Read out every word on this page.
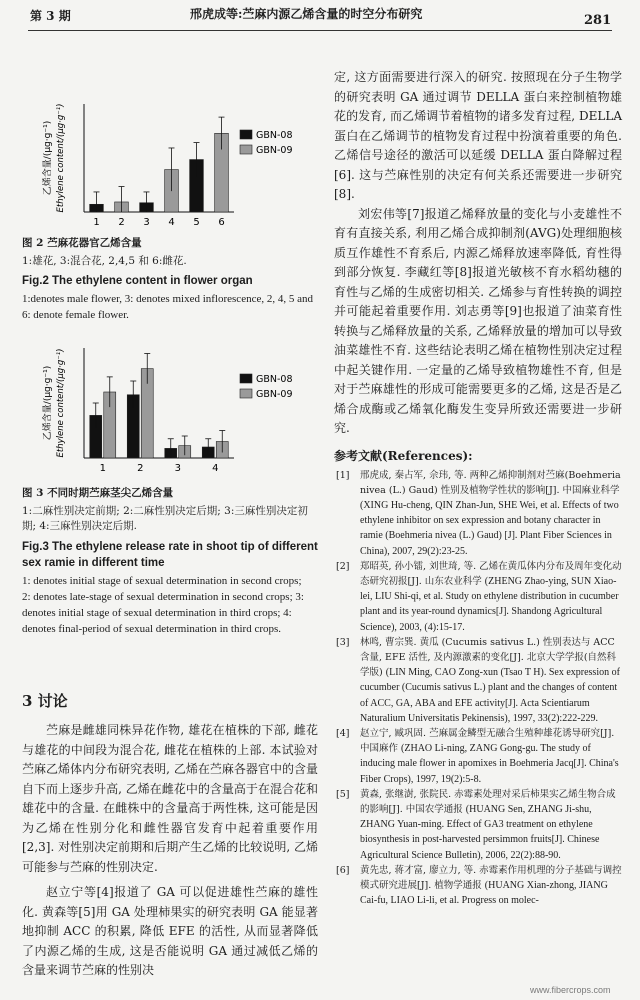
第 3 期	邢虎成等:苎麻内源乙烯含量的时空分布研究	281
乙烯含量/(μg·g⁻¹) Ethylene content/(μg·g⁻¹)
1 2 3 4 5 6
GBN-08
GBN-09
图 2 苎麻花器官乙烯含量
1:雄花, 3:混合花, 2,4,5 和 6:雌花.
Fig.2 The ethylene content in flower organ
1:denotes male flower, 3: denotes mixed inflorescence, 2, 4, 5 and 6: denote female flower.
乙烯含量/(μg·g⁻¹) Ethylene content/(μg·g⁻¹)
1	2	3	4
GBN-08
GBN-09
图 3 不同时期苎麻茎尖乙烯含量
1:二麻性别决定前期; 2:二麻性别决定后期; 3:三麻性别决定初期; 4:三麻性别决定后期.
Fig.3 The ethylene release rate in shoot tip of different sex ramie in different time
1: denotes initial stage of sexual determination in second crops;
2: denotes late-stage of sexual determination in second crops; 3:
denotes initial stage of sexual determination in third crops; 4:
denotes final-period of sexual determination in third crops.
3 讨论
苎麻是雌雄同株异花作物, 雄花在植株的下部, 雌花与雄花的中间段为混合花, 雌花在植株的上部. 本试验对苎麻乙烯体内分布研究表明, 乙烯在苎麻各器官中的含量自下而上逐步升高, 乙烯在雌花中的含量高于在混合花和雄花中的含量. 在雌株中的含量高于两性株, 这可能是因为乙烯在性别分化和雌性器官发育中起着重要作用[2,3]. 对性别决定前期和后期产生乙烯的比较说明, 乙烯可能参与苎麻的性别决定.
赵立宁等[4]报道了 GA 可以促进雄性苎麻的雄性化. 黄森等[5]用 GA 处理柿果实的研究表明 GA 能显著地抑制 ACC 的积累, 降低 EFE 的活性, 从而显著降低了内源乙烯的生成, 这是否能说明 GA 通过减低乙烯的含量来调节苎麻的性别决
定, 这方面需要进行深入的研究. 按照现在分子生物学的研究表明 GA 通过调节 DELLA 蛋白来控制植物雄花的发育, 而乙烯调节着植物的诸多发育过程, DELLA 蛋白在乙烯调节的植物发育过程中扮演着重要的角色. 乙烯信号途径的激活可以延缓 DELLA 蛋白降解过程[6]. 这与苎麻性别的决定有何关系还需要进一步研究[8].
刘宏伟等[7]报道乙烯释放量的变化与小麦雄性不育有直接关系, 利用乙烯合成抑制剂(AVG)处理细胞核质互作雄性不育系后, 内源乙烯释放速率降低, 育性得到部分恢复. 李藏红等[8]报道光敏核不育水稻幼穗的育性与乙烯的生成密切相关. 乙烯参与育性转换的调控并可能起着重要作用. 刘志勇等[9]也报道了油菜育性转换与乙烯释放量的关系, 乙烯释放量的增加可以导致油菜雄性不育. 这些结论表明乙烯在植物性别决定过程中起关键作用. 一定量的乙烯导致植物雄性不育, 但是对于苎麻雄性的形成可能需要更多的乙烯, 这是否是乙烯合成酶或乙烯氧化酶发生变异所致还需要进一步研究.
参考文献(References):
[1] 邢虎成, 秦占军, 佘玮, 等. 两种乙烯抑制剂对苎麻(Boehmeria nivea (L.) Gaud) 性别及植物学性状的影响[J]. 中国麻业科学 (XING Hu-cheng, QIN Zhan-Jun, SHE Wei, et al. Effects of two ethylene inhibitor on sex expression and botany character in ramie (Boehmeria nivea (L.) Gaud) [J]. Plant Fiber Sciences in China), 2007, 29(2):23-25.
[2] 郑昭英, 孙小镭, 刘世琦, 等. 乙烯在黄瓜体内分布及周年变化动态研究初报[J]. 山东农业科学 (ZHENG Zhao-ying, SUN Xiao-lei, LIU Shi-qi, et al. Study on ethylene distribution in cucumber plant and its year-round dynamics[J]. Shandong Agricultural Science), 2003, (4):15-17.
[3] 林鸣, 曹宗巽. 黄瓜 (Cucumis sativus L.) 性别表达与 ACC 含量, EFE 活性, 及内源激素的变化[J]. 北京大学学报(自然科学版) (LIN Ming, CAO Zong-xun (Tsao T H). Sex expression of cucumber (Cucumis sativus L.) plant and the changes of content of ACC, GA, ABA and EFE activity[J]. Acta Scientiarum Naturalium Universitatis Pekinensis), 1997, 33(2):222-229.
[4] 赵立宁, 臧巩固. 苎麻属金鳞型无融合生殖种雄花诱导研究[J]. 中国麻作 (ZHAO Li-ning, ZANG Gong-gu. The study of inducing male flower in apomixes in Boehmeria Jacq[J]. China's Fiber Crops), 1997, 19(2):5-8.
[5] 黄森, 张继澍, 张院民. 赤霉素处理对采后柿果实乙烯生物合成的影响[J]. 中国农学通报 (HUANG Sen, ZHANG Ji-shu, ZHANG Yuan-ming. Effect of GA3 treatment on ethylene biosynthesis in post-harvested persimmon fruits[J]. Chinese Agricultural Science Bulletin), 2006, 22(2):88-90.
[6] 黄先忠, 蒋才富, 廖立力, 等. 赤霉素作用机理的分子基础与调控模式研究进展[J]. 植物学通报 (HUANG Xian-zhong, JIANG Cai-fu, LIAO Li-li, et al. Progress on molec-
www.fibercrops.com
